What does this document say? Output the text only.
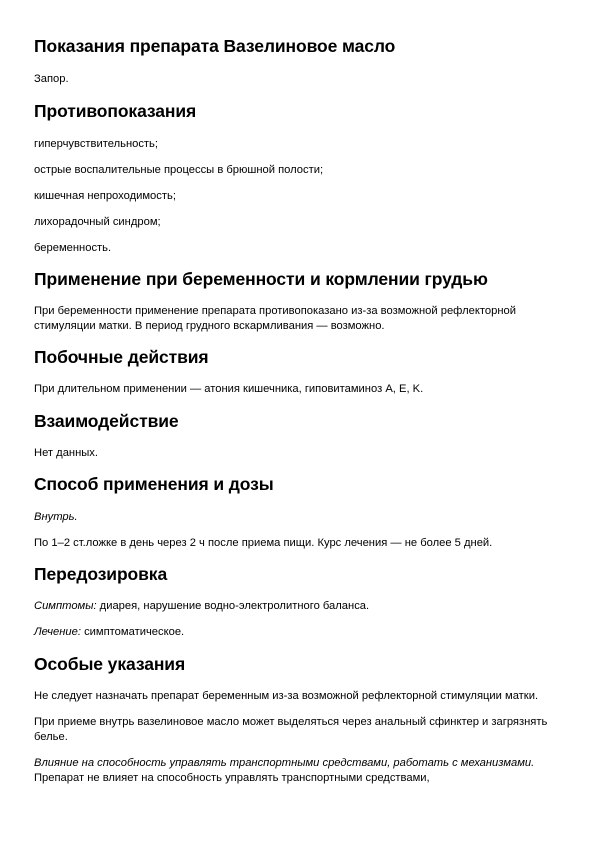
Показания препарата Вазелиновое масло

Запор.

Противопоказания

гиперчувствительность;

острые воспалительные процессы в брюшной полости;

кишечная непроходимость;

лихорадочный синдром;

беременность.

Применение при беременности и кормлении грудью

При беременности применение препарата противопоказано из-за возможной рефлекторной стимуляции матки. В период грудного вскармливания — возможно.

Побочные действия

При длительном применении — атония кишечника, гиповитаминоз A, E, K.

Взаимодействие

Нет данных.

Способ применения и дозы

Внутрь.

По 1–2 ст.ложке в день через 2 ч после приема пищи. Курс лечения — не более 5 дней.

Передозировка

Симптомы: диарея, нарушение водно-электролитного баланса.

Лечение: симптоматическое.

Особые указания

Не следует назначать препарат беременным из-за возможной рефлекторной стимуляции матки.

При приеме внутрь вазелиновое масло может выделяться через анальный сфинктер и загрязнять белье.

Влияние на способность управлять транспортными средствами, работать с механизмами. Препарат не влияет на способность управлять транспортными средствами,
